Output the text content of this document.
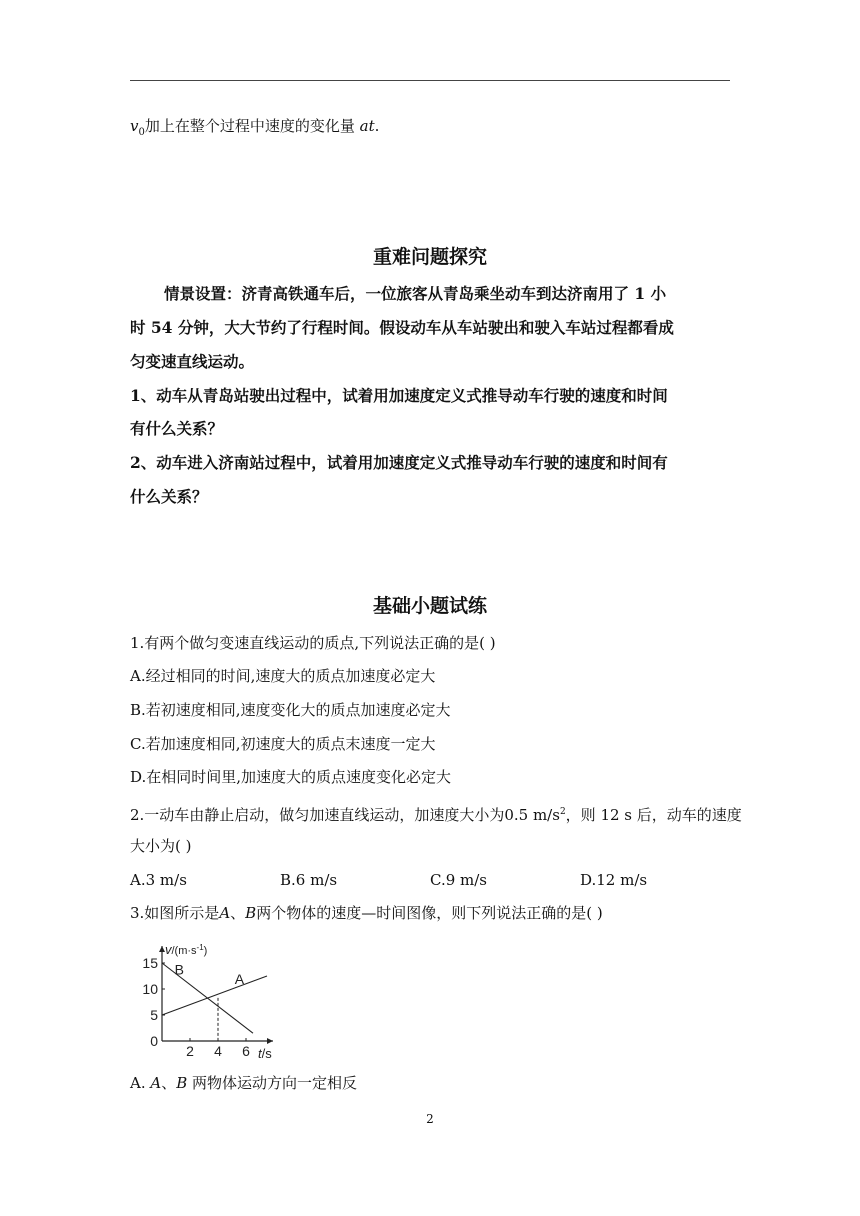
$v_0$加上在整个过程中速度的变化量 at.
重难问题探究
情景设置：济青高铁通车后，一位旅客从青岛乘坐动车到达济南用了 1 小
时 54 分钟，大大节约了行程时间。假设动车从车站驶出和驶入车站过程都看成
匀变速直线运动。
1、动车从青岛站驶出过程中，试着用加速度定义式推导动车行驶的速度和时间
有什么关系？
2、动车进入济南站过程中，试着用加速度定义式推导动车行驶的速度和时间有
什么关系？
基础小题试练
1.有两个做匀变速直线运动的质点,下列说法正确的是( )
A.经过相同的时间,速度大的质点加速度必定大
B.若初速度相同,速度变化大的质点加速度必定大
C.若加速度相同,初速度大的质点末速度一定大
D.在相同时间里,加速度大的质点速度变化必定大
2.一动车由静止启动，做匀加速直线运动，加速度大小为0.5 $m/s^2$，则 12 s 后，动车的速度
大小为( )
A.3 m/s	B.6 m/s	C.9 m/s	D.12 m/s
3.如图所示是A、B两个物体的速度—时间图像，则下列说法正确的是( )
0
5
10
15
2 4 6
$v/(m\cdot s^{-1})$
t/s
B
A
A. A、B 两物体运动方向一定相反
2
